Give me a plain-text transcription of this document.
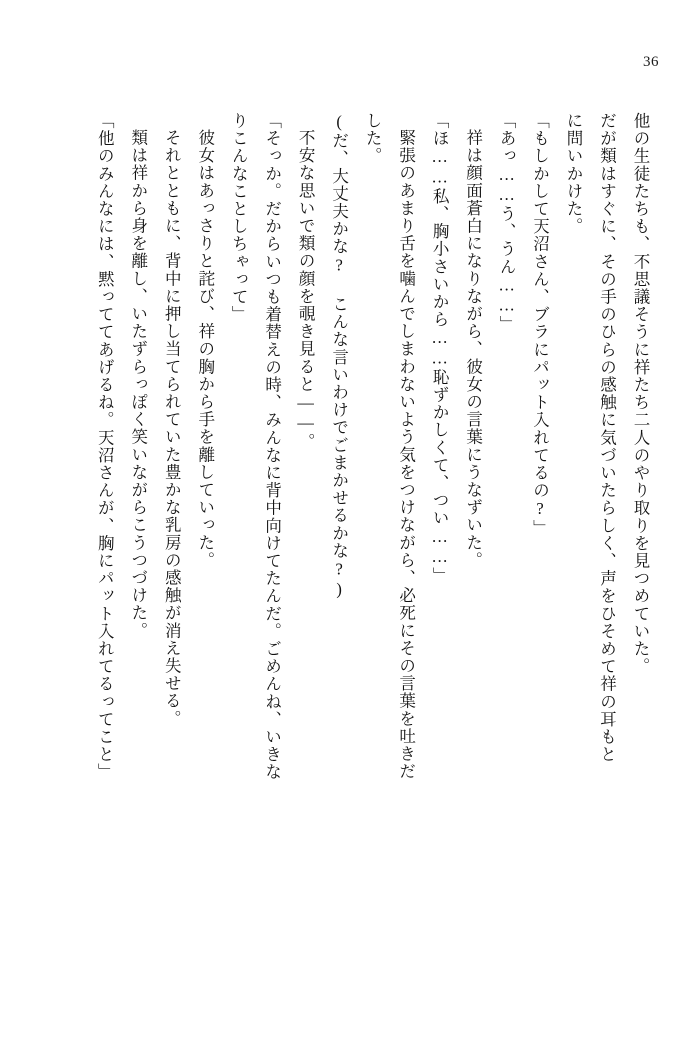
36
他の生徒たちも、不思議そうに祥たち二人のやり取りを見つめていた。
だが類はすぐに、その手のひらの感触に気づいたらしく、声をひそめて祥の耳もと
に問いかけた。
「もしかして天沼さん、ブラにパット入れてるの?」
「あっ……う、うん……」
祥は顔面蒼白になりながら、彼女の言葉にうなずいた。
「ほ……私、胸小さいから……恥ずかしくて、つい……」
緊張のあまり舌を噛んでしまわないよう気をつけながら、必死にその言葉を吐きだ
した。
(だ、大丈夫かな? こんな言いわけでごまかせるかな?)
不安な思いで類の顔を覗き見ると——。
「そっか。だからいつも着替えの時、みんなに背中向けてたんだ。ごめんね、いきな
りこんなことしちゃって」
彼女はあっさりと詫び、祥の胸から手を離していった。
それとともに、背中に押し当てられていた豊かな乳房の感触が消え失せる。
類は祥から身を離し、いたずらっぽく笑いながらこうつづけた。
「他のみんなには、黙っててあげるね。天沼さんが、胸にパット入れてるってこと」
